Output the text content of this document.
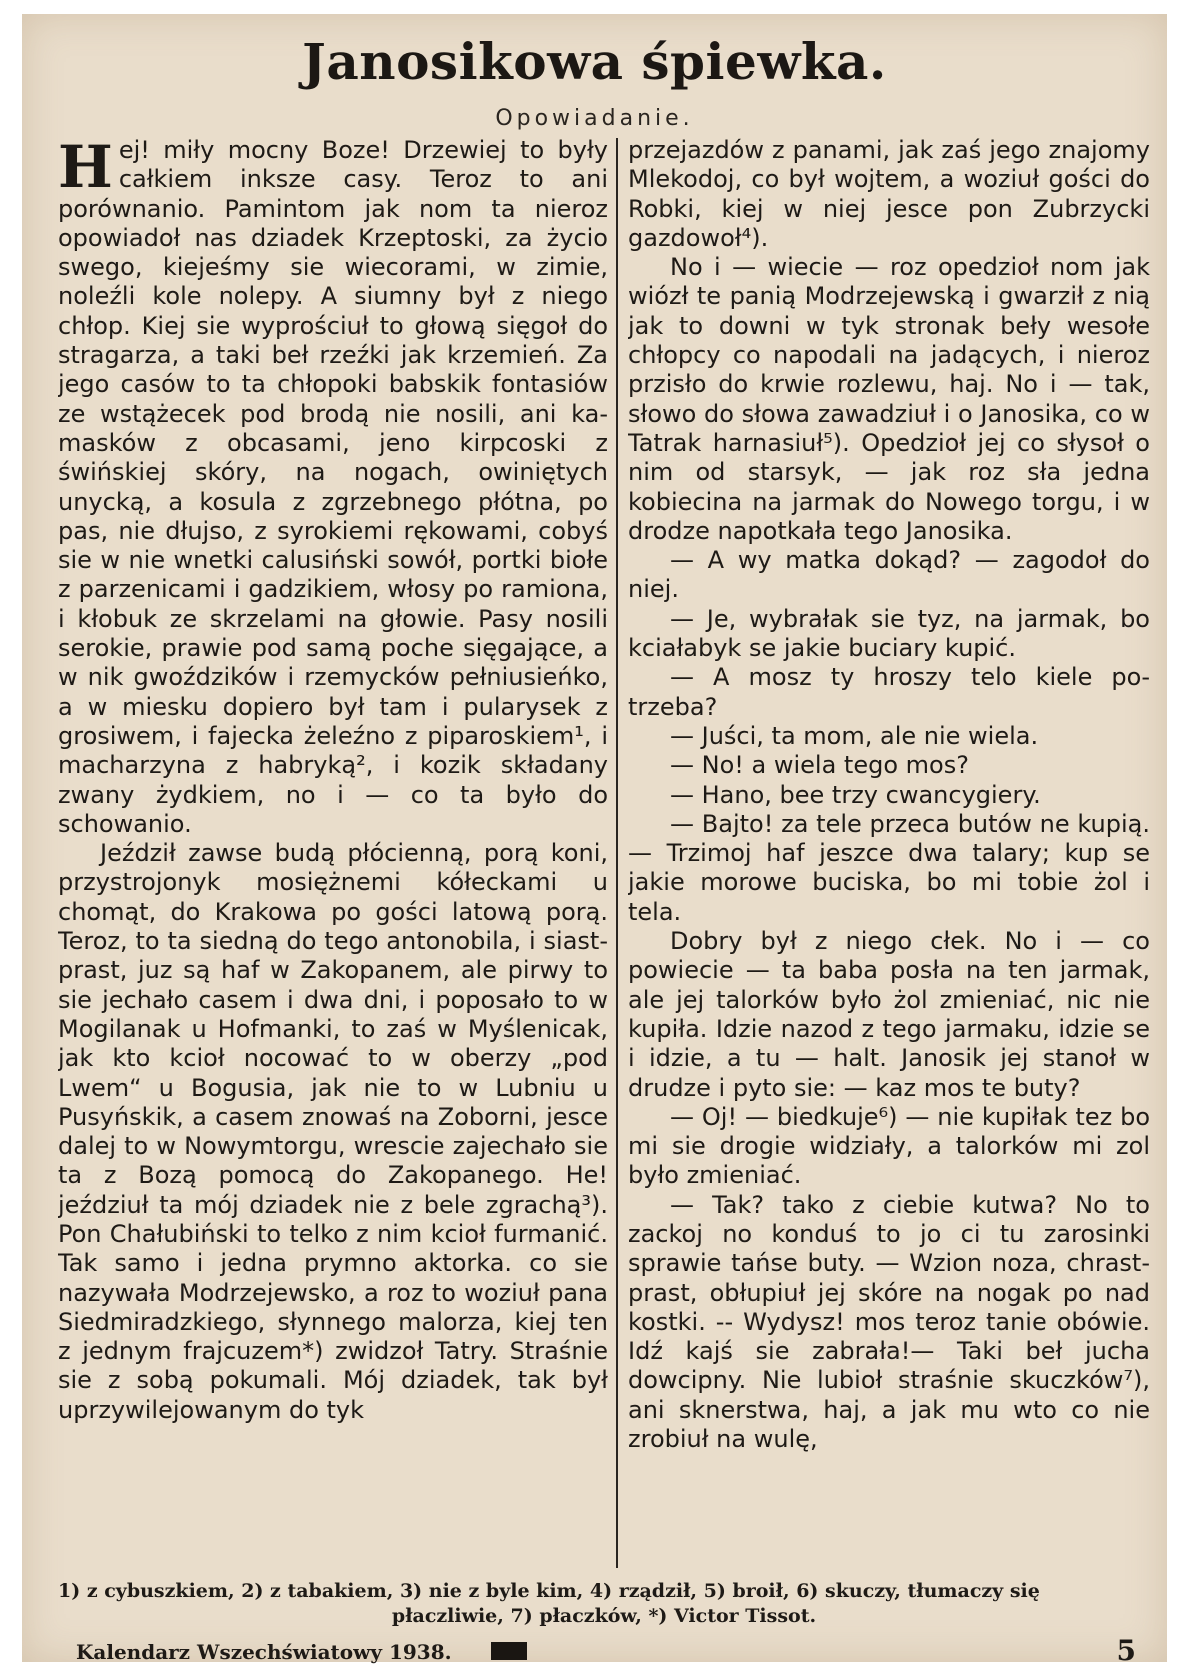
Janosikowa śpiewka.
Opowiadanie.

Hej! miły mocny Boze! Drzewiej to były całkiem inksze casy. Teroz to ani porównanio. Pamintom jak nom ta nieroz opowiadoł nas dziadek Krzeptoski, za życio swego, kiejeśmy sie wiecorami, w zimie, noleźli kole nolepy. A siumny był z niego chłop. Kiej sie wyprościuł to głową sięgoł do stragarza, a taki beł rzeźki jak krzemień. Za jego casów to ta chłopoki babskik fontasiów ze wstążecek pod brodą nie nosili, ani kamasków z obcasami, jeno kirpcoski z świńskiej skóry, na nogach, owiniętych unycką, a kosula z zgrzebnego płótna, po pas, nie dłujso, z syrokiemi rękowami, cobyś sie w nie wnetki calusiński sowół, portki biołe z parzenicami i gadzikiem, włosy po ramiona, i kłobuk ze skrzelami na głowie. Pasy nosili serokie, prawie pod samą poche sięgające, a w nik gwoździków i rzemycków pełniusieńko, a w miesku dopiero był tam i pularysek z grosiwem, i fajecka żeleźno z piparoskiem¹, i macharzyna z habryką², i kozik składany zwany żydkiem, no i — co ta było do schowanio.

Jeździł zawse budą płócienną, porą koni, przystrojonyk mosiężnemi kółeckami u chomąt, do Krakowa po gości latową porą. Teroz, to ta siedną do tego antonobila, i siast-prast, juz są haf w Zakopanem, ale pirwy to sie jechało casem i dwa dni, i poposało to w Mogilanak u Hofmanki, to zaś w Myślenicak, jak kto kcioł nocować to w oberzy „pod Lwem“ u Bogusia, jak nie to w Lubniu u Pusyńskik, a casem znowaś na Zoborni, jesce dalej to w Nowymtorgu, wrescie zajechało sie ta z Bozą pomocą do Zakopanego. He! jeździuł ta mój dziadek nie z bele zgrachą³). Pon Chałubiński to telko z nim kcioł furmanić. Tak samo i jedna prymno aktorka. co sie nazywała Modrzejewsko, a roz to woziuł pana Siedmiradzkiego, słynnego malorza, kiej ten z jednym frajcuzem*) zwidzoł Tatry. Straśnie sie z sobą pokumali. Mój dziadek, tak był uprzywilejowanym do tyk

przejazdów z panami, jak zaś jego znajomy Mlekodoj, co był wojtem, a woziuł gości do Robki, kiej w niej jesce pon Zubrzycki gazdowoł⁴).

No i — wiecie — roz opedzioł nom jak wiózł te panią Modrzejewską i gwarził z nią jak to downi w tyk stronak beły wesołe chłopcy co napodali na jadących, i nieroz przisło do krwie rozlewu, haj. No i — tak, słowo do słowa zawadziuł i o Janosika, co w Tatrak harnasiuł⁵). Opedzioł jej co słysoł o nim od starsyk, — jak roz sła jedna kobiecina na jarmak do Nowego torgu, i w drodze napotkała tego Janosika.

— A wy matka dokąd? — zagodoł do niej.

— Je, wybrałak sie tyz, na jarmak, bo kciałabyk se jakie buciary kupić.

— A mosz ty hroszy telo kiele potrzeba?

— Juści, ta mom, ale nie wiela.

— No! a wiela tego mos?

— Hano, bee trzy cwancygiery.

— Bajto! za tele przeca butów ne kupią. — Trzimoj haf jeszce dwa talary; kup se jakie morowe buciska, bo mi tobie żol i tela.

Dobry był z niego cłek. No i — co powiecie — ta baba posła na ten jarmak, ale jej talorków było żol zmieniać, nic nie kupiła. Idzie nazod z tego jarmaku, idzie se i idzie, a tu — halt. Janosik jej stanoł w drudze i pyto sie: — kaz mos te buty?

— Oj! — biedkuje⁶) — nie kupiłak tez bo mi sie drogie widziały, a talorków mi zol było zmieniać.

— Tak? tako z ciebie kutwa? No to zackoj no konduś to jo ci tu zarosinki sprawie tańse buty. — Wzion noza, chrast-prast, obłupiuł jej skóre na nogak po nad kostki. -- Wydysz! mos teroz tanie obówie. Idź kajś sie zabrała!— Taki beł jucha dowcipny. Nie lubioł straśnie skuczków⁷), ani sknerstwa, haj, a jak mu wto co nie zrobiuł na wulę,

1) z cybuszkiem, 2) z tabakiem, 3) nie z byle kim, 4) rządził, 5) broił, 6) skuczy, tłumaczy się
płaczliwie, 7) płaczków, *) Victor Tissot.
Kalendarz Wszechświatowy 1938.	5
